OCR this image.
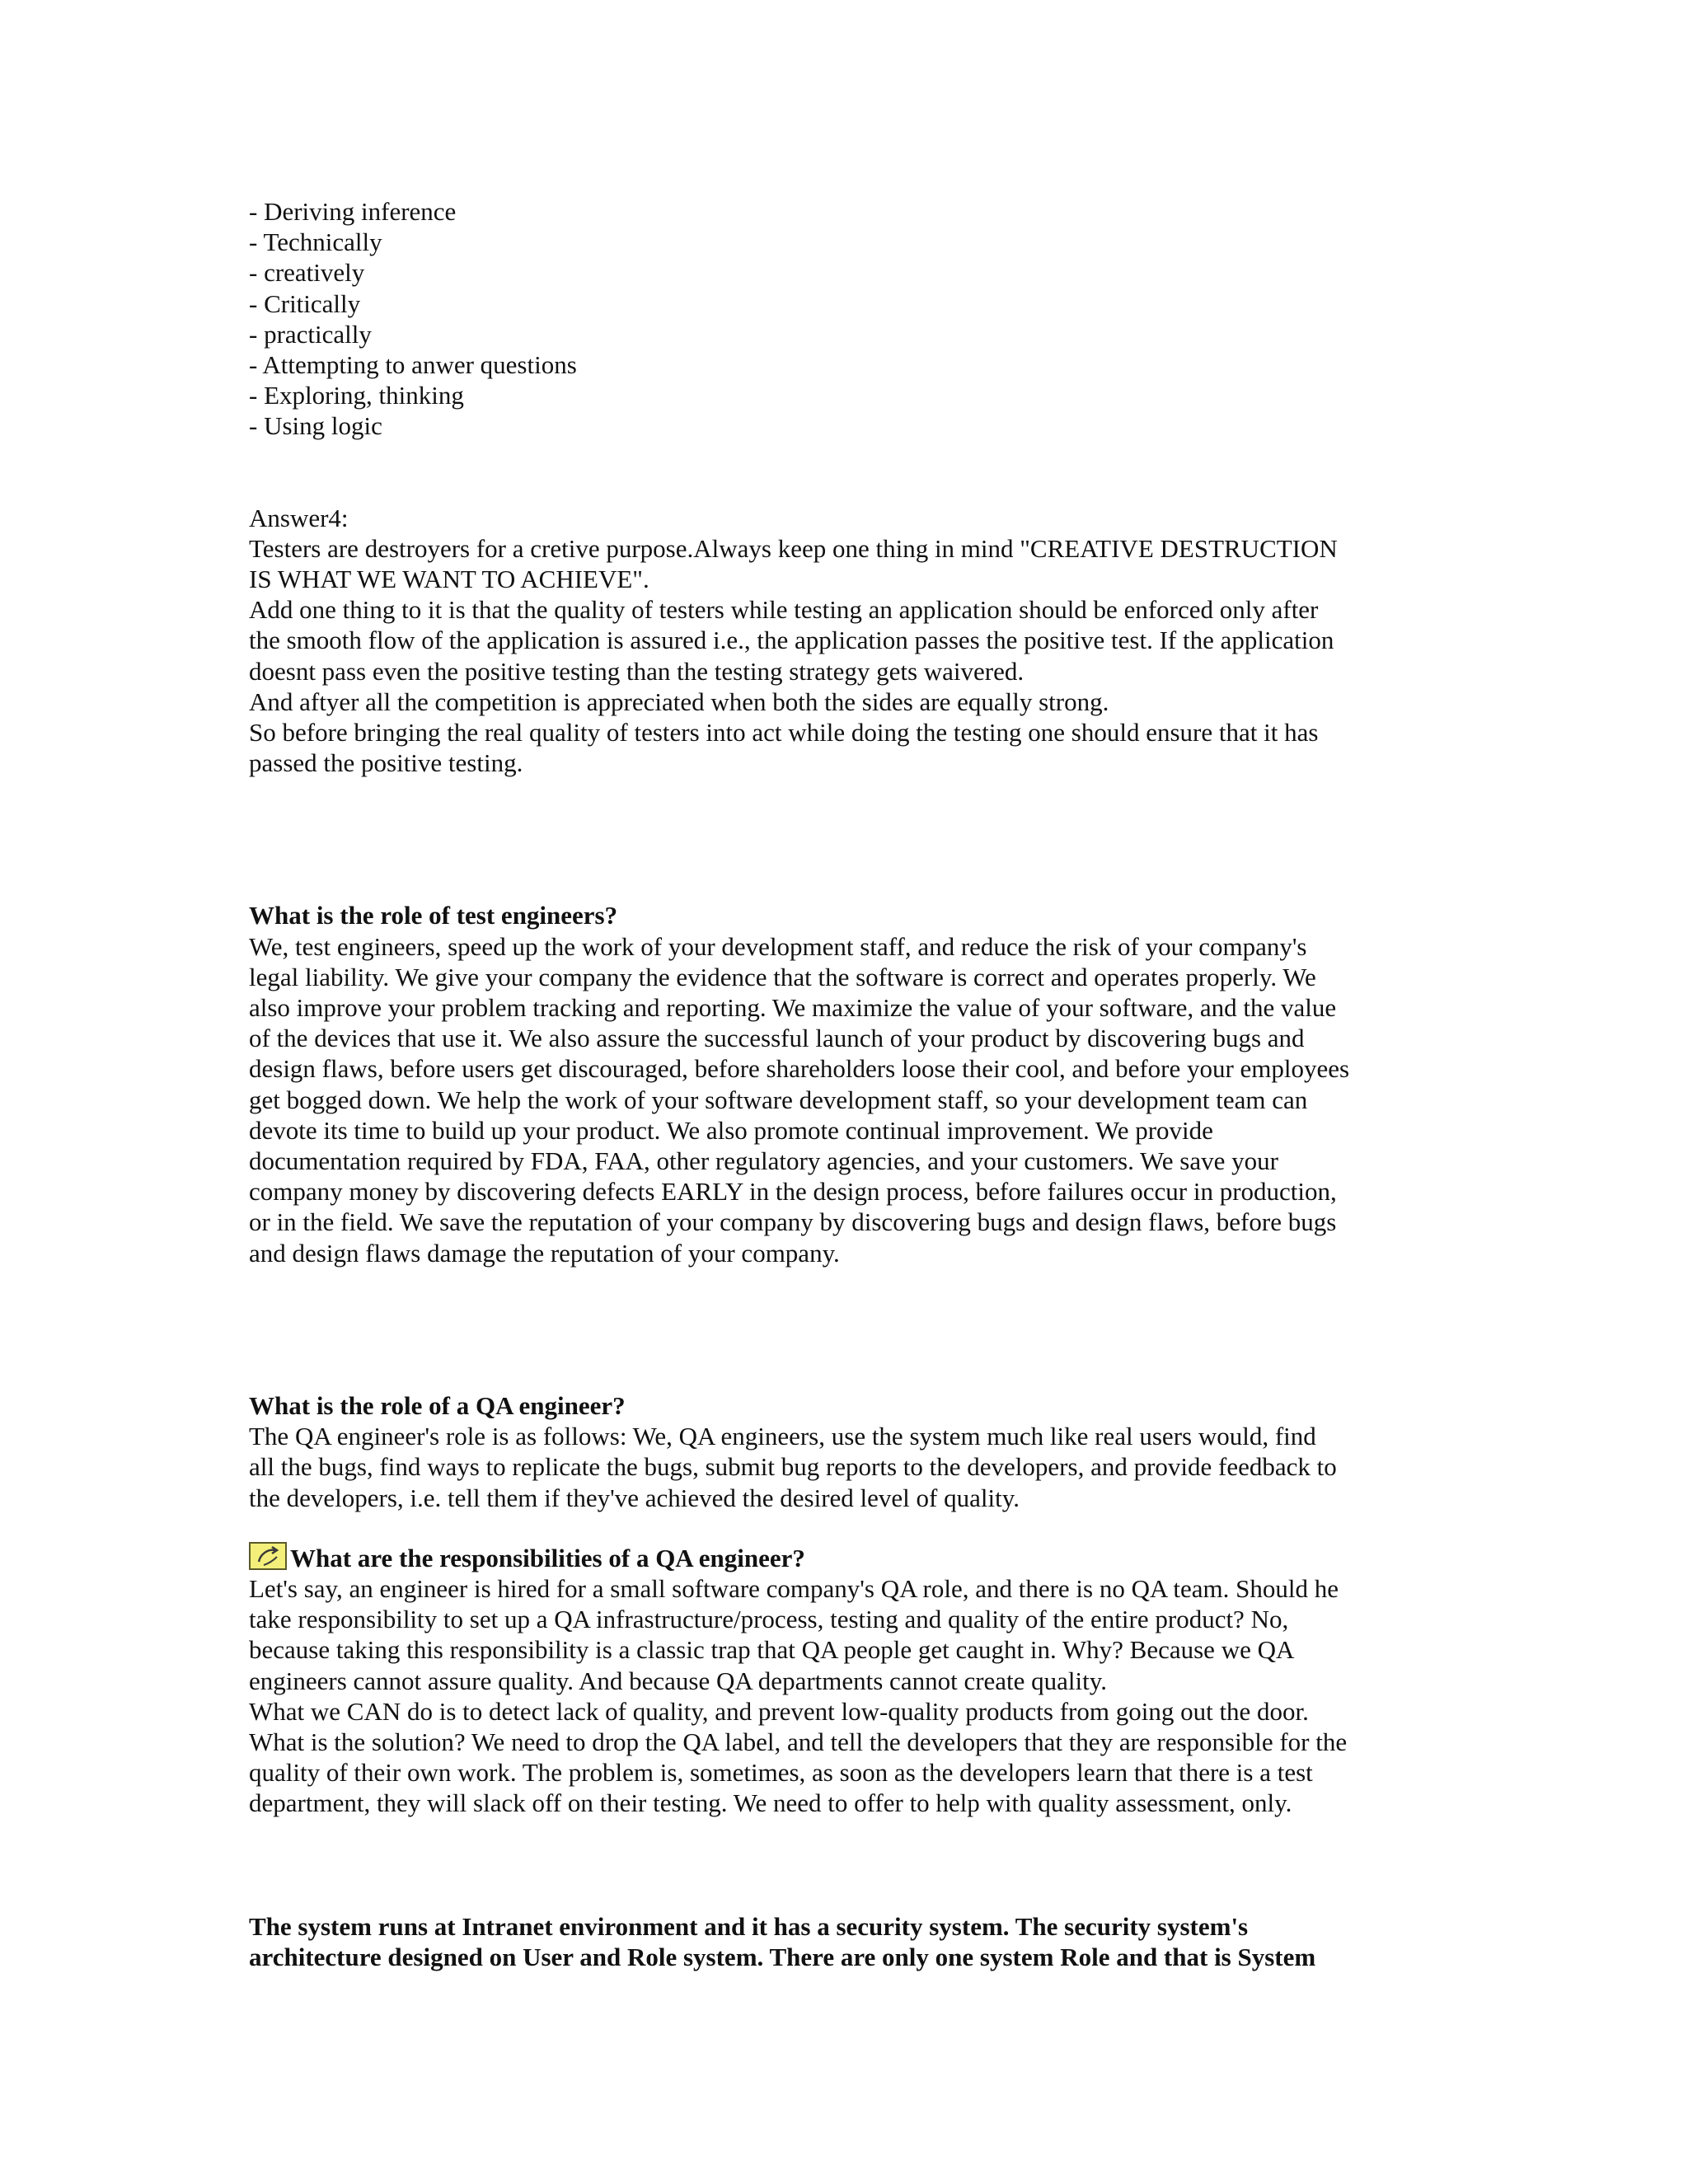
- Deriving inference
- Technically
- creatively
- Critically
- practically
- Attempting to anwer questions
- Exploring, thinking
- Using logic
Answer4:
Testers are destroyers for a cretive purpose.Always keep one thing in mind "CREATIVE DESTRUCTION
IS WHAT WE WANT TO ACHIEVE".
Add one thing to it is that the quality of testers while testing an application should be enforced only after
the smooth flow of the application is assured i.e., the application passes the positive test. If the application
doesnt pass even the positive testing than the testing strategy gets waivered.
And aftyer all the competition is appreciated when both the sides are equally strong.
So before bringing the real quality of testers into act while doing the testing one should ensure that it has
passed the positive testing.
What is the role of test engineers?
We, test engineers, speed up the work of your development staff, and reduce the risk of your company's
legal liability. We give your company the evidence that the software is correct and operates properly. We
also improve your problem tracking and reporting. We maximize the value of your software, and the value
of the devices that use it. We also assure the successful launch of your product by discovering bugs and
design flaws, before users get discouraged, before shareholders loose their cool, and before your employees
get bogged down. We help the work of your software development staff, so your development team can
devote its time to build up your product. We also promote continual improvement. We provide
documentation required by FDA, FAA, other regulatory agencies, and your customers. We save your
company money by discovering defects EARLY in the design process, before failures occur in production,
or in the field. We save the reputation of your company by discovering bugs and design flaws, before bugs
and design flaws damage the reputation of your company.
What is the role of a QA engineer?
The QA engineer's role is as follows: We, QA engineers, use the system much like real users would, find
all the bugs, find ways to replicate the bugs, submit bug reports to the developers, and provide feedback to
the developers, i.e. tell them if they've achieved the desired level of quality.
What are the responsibilities of a QA engineer?
Let's say, an engineer is hired for a small software company's QA role, and there is no QA team. Should he
take responsibility to set up a QA infrastructure/process, testing and quality of the entire product? No,
because taking this responsibility is a classic trap that QA people get caught in. Why? Because we QA
engineers cannot assure quality. And because QA departments cannot create quality.
What we CAN do is to detect lack of quality, and prevent low-quality products from going out the door.
What is the solution? We need to drop the QA label, and tell the developers that they are responsible for the
quality of their own work. The problem is, sometimes, as soon as the developers learn that there is a test
department, they will slack off on their testing. We need to offer to help with quality assessment, only.
The system runs at Intranet environment and it has a security system. The security system's
architecture designed on User and Role system. There are only one system Role and that is System
